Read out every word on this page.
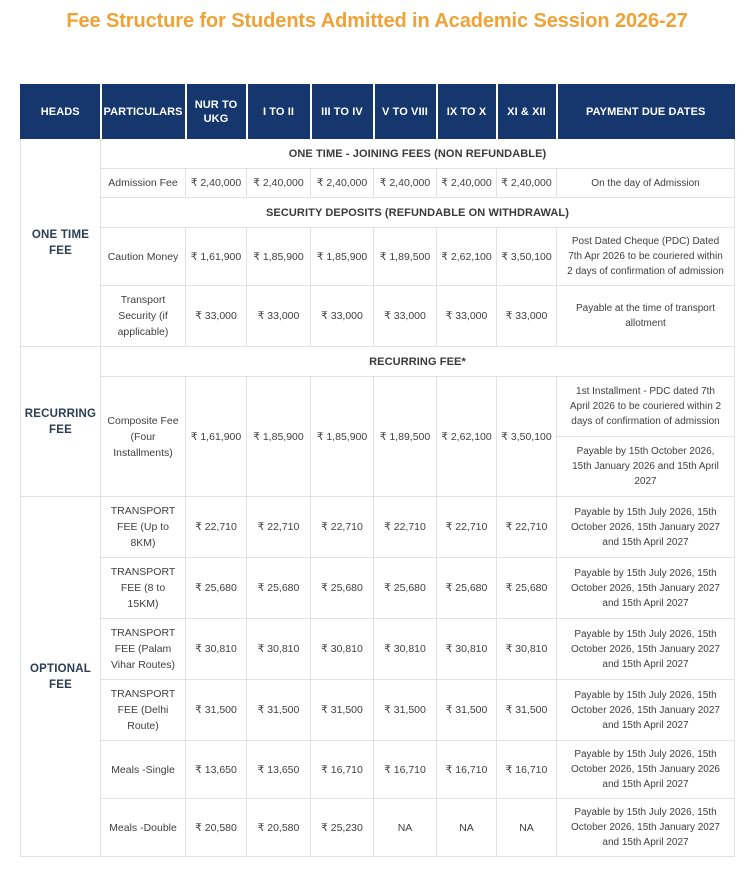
Fee Structure for Students Admitted in Academic Session 2026-27
HEADS	PARTICULARS	NUR TO UKG	I TO II	III TO IV	V TO VIII	IX TO X	XI & XII	PAYMENT DUE DATES
ONE TIME FEE	ONE TIME - JOINING FEES (NON REFUNDABLE)							
	Admission Fee	₹ 2,40,000	₹ 2,40,000	₹ 2,40,000	₹ 2,40,000	₹ 2,40,000	₹ 2,40,000	On the day of Admission
	SECURITY DEPOSITS (REFUNDABLE ON WITHDRAWAL)							
	Caution Money	₹ 1,61,900	₹ 1,85,900	₹ 1,85,900	₹ 1,89,500	₹ 2,62,100	₹ 3,50,100	Post Dated Cheque (PDC) Dated 7th Apr 2026 to be couriered within 2 days of confirmation of admission
	Transport Security (if applicable)	₹ 33,000	₹ 33,000	₹ 33,000	₹ 33,000	₹ 33,000	₹ 33,000	Payable at the time of transport allotment
RECURRING FEE	RECURRING FEE*							
	Composite Fee (Four Installments)	₹ 1,61,900	₹ 1,85,900	₹ 1,85,900	₹ 1,89,500	₹ 2,62,100	₹ 3,50,100	1st Installment - PDC dated 7th April 2026 to be couriered within 2 days of confirmation of admission
Payable by 15th October 2026, 15th January 2026 and 15th April 2027

OPTIONAL FEE	TRANSPORT FEE (Up to 8KM)	₹ 22,710	₹ 22,710	₹ 22,710	₹ 22,710	₹ 22,710	₹ 22,710	Payable by 15th July 2026, 15th October 2026, 15th January 2027 and 15th April 2027
	TRANSPORT FEE (8 to 15KM)	₹ 25,680	₹ 25,680	₹ 25,680	₹ 25,680	₹ 25,680	₹ 25,680	Payable by 15th July 2026, 15th October 2026, 15th January 2027 and 15th April 2027
	TRANSPORT FEE (Palam Vihar Routes)	₹ 30,810	₹ 30,810	₹ 30,810	₹ 30,810	₹ 30,810	₹ 30,810	Payable by 15th July 2026, 15th October 2026, 15th January 2027 and 15th April 2027
	TRANSPORT FEE (Delhi Route)	₹ 31,500	₹ 31,500	₹ 31,500	₹ 31,500	₹ 31,500	₹ 31,500	Payable by 15th July 2026, 15th October 2026, 15th January 2027 and 15th April 2027
	Meals -Single	₹ 13,650	₹ 13,650	₹ 16,710	₹ 16,710	₹ 16,710	₹ 16,710	Payable by 15th July 2026, 15th October 2026, 15th January 2026 and 15th April 2027
	Meals -Double	₹ 20,580	₹ 20,580	₹ 25,230	NA	NA	NA	Payable by 15th July 2026, 15th October 2026, 15th January 2027 and 15th April 2027
